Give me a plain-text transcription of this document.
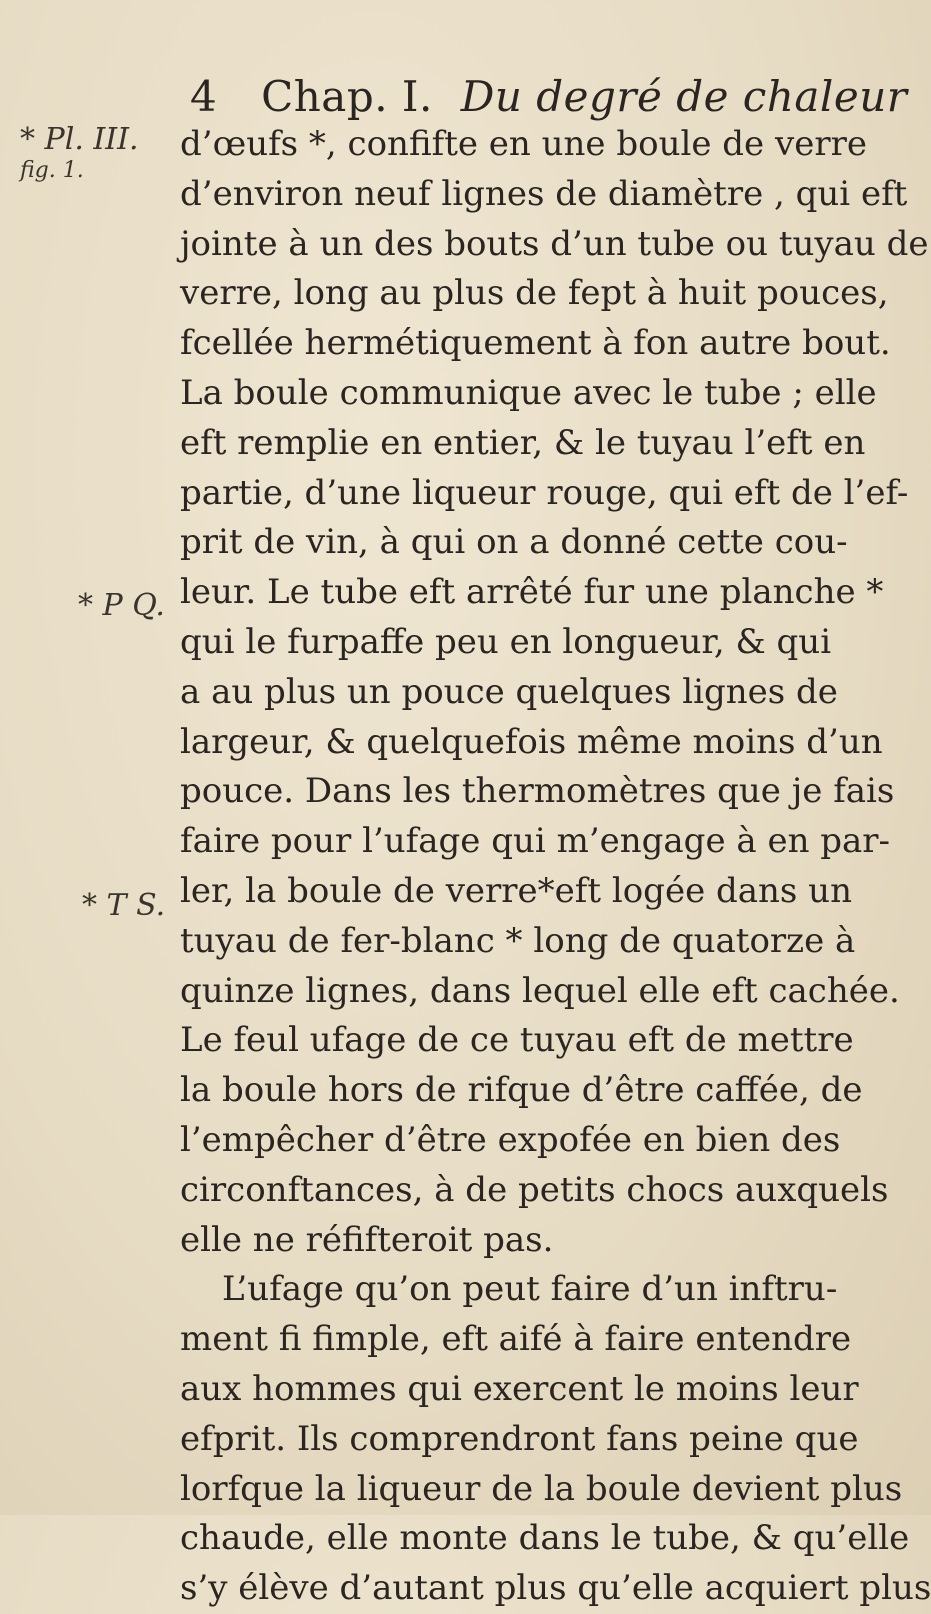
4 Chap. I. Du degré de chaleur
* Pl. III.
fig. 1.
* P Q.
* T S.
d’œufs *, confifte en une boule de verre
d’environ neuf lignes de diamètre , qui eft
jointe à un des bouts d’un tube ou tuyau de
verre, long au plus de fept à huit pouces,
fcellée hermétiquement à fon autre bout.
La boule communique avec le tube ; elle
eft remplie en entier, & le tuyau l’eft en
partie, d’une liqueur rouge, qui eft de l’ef-
prit de vin, à qui on a donné cette cou-
leur. Le tube eft arrêté fur une planche *
qui le furpaffe peu en longueur, & qui
a au plus un pouce quelques lignes de
largeur, & quelquefois même moins d’un
pouce. Dans les thermomètres que je fais
faire pour l’ufage qui m’engage à en par-
ler, la boule de verre*eft logée dans un
tuyau de fer-blanc * long de quatorze à
quinze lignes, dans lequel elle eft cachée.
Le feul ufage de ce tuyau eft de mettre
la boule hors de rifque d’être caffée, de
l’empêcher d’être expofée en bien des
circonftances, à de petits chocs auxquels
elle ne réfifteroit pas.
L’ufage qu’on peut faire d’un inftru-
ment fi fimple, eft aifé à faire entendre
aux hommes qui exercent le moins leur
efprit. Ils comprendront fans peine que
lorfque la liqueur de la boule devient plus
chaude, elle monte dans le tube, & qu’elle
s’y élève d’autant plus qu’elle acquiert plus
